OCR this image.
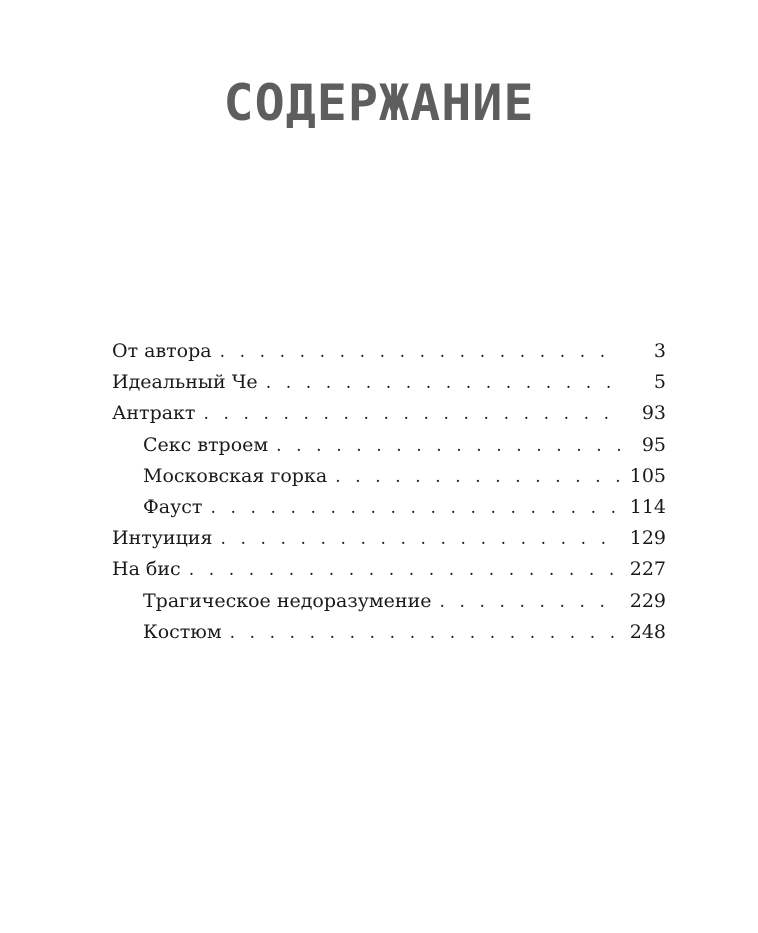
СОДЕРЖАНИЕ
От автора . . .	3
Идеальный Че . . .	5
Антракт . . .	93
Секс втроем . . .	95
Московская горка . . .	105
Фауст . . .	114
Интуиция . . .	129
На бис . . .	227
Трагическое недоразумение . . .	229
Костюм . . .	248
